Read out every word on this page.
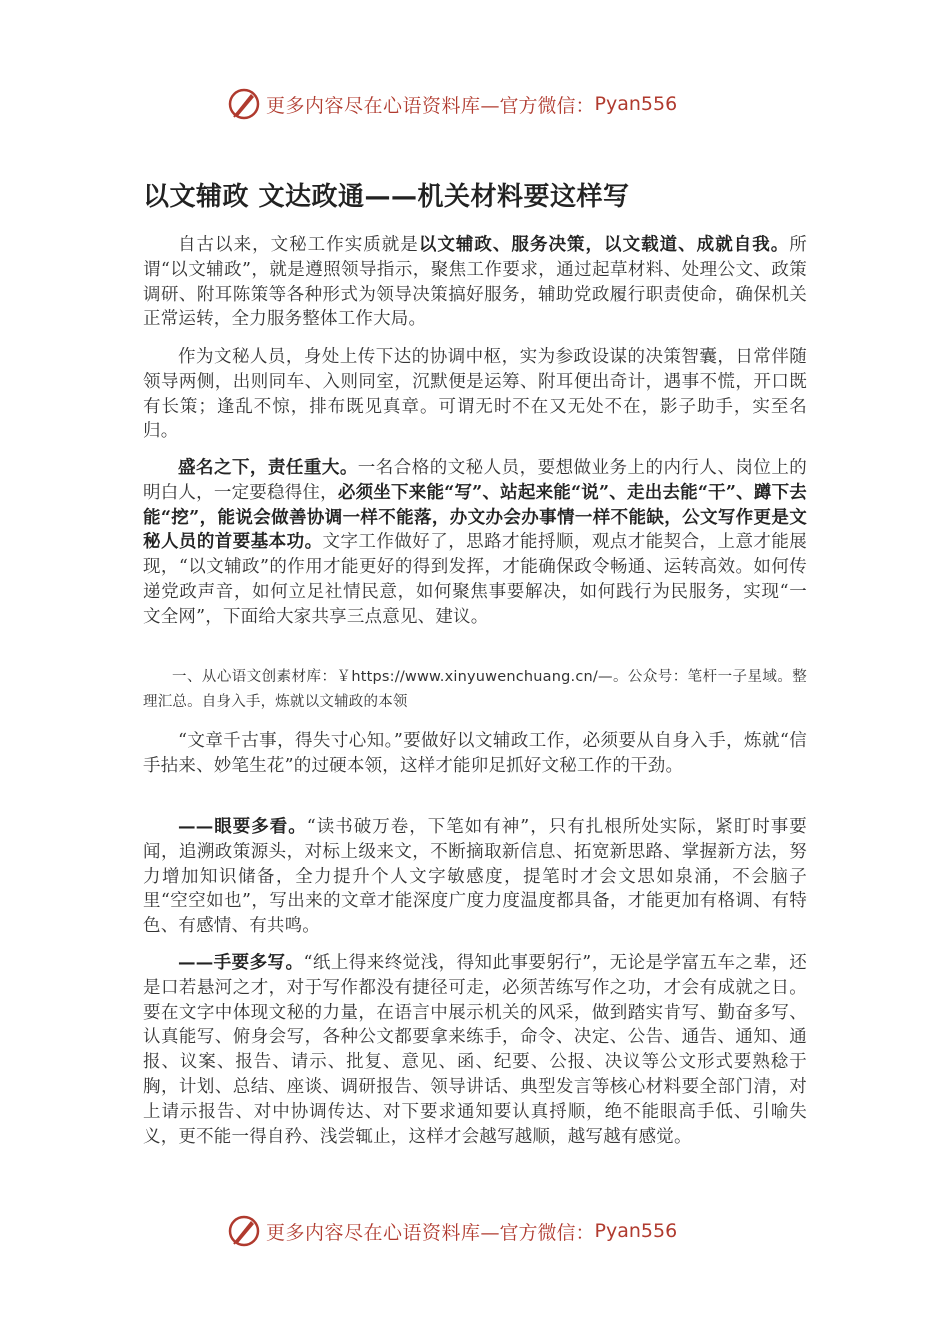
更多内容尽在心语资料库 —官方微信： Pyan556
以文辅政 文达政通——机关材料要这样写

自古以来，文秘工作实质就是以文辅政、服务决策，以文载道、成就自我。所谓“以文辅政”，就是遵照领导指示，聚焦工作要求，通过起草材料、处理公文、政策调研、附耳陈策等各种形式为领导决策搞好服务，辅助党政履行职责使命，确保机关正常运转，全力服务整体工作大局。

作为文秘人员，身处上传下达的协调中枢，实为参政设谋的决策智囊，日常伴随领导两侧，出则同车、入则同室，沉默便是运筹、附耳便出奇计，遇事不慌，开口既有长策；逢乱不惊，排布既见真章。可谓无时不在又无处不在，影子助手，实至名归。

盛名之下，责任重大。一名合格的文秘人员，要想做业务上的内行人、岗位上的明白人，一定要稳得住，必须坐下来能“写”、站起来能“说”、走出去能“干”、蹲下去能“挖”，能说会做善协调一样不能落，办文办会办事情一样不能缺，公文写作更是文秘人员的首要基本功。文字工作做好了，思路才能捋顺，观点才能契合，上意才能展现，“以文辅政”的作用才能更好的得到发挥，才能确保政令畅通、运转高效。如何传递党政声音，如何立足社情民意，如何聚焦事要解决，如何践行为民服务，实现“一文全网”，下面给大家共享三点意见、建议。

一、从心语文创素材库：￥https://www.xinyuwenchuang.cn/—。公众号：笔杆一子星域。整理汇总。自身入手，炼就以文辅政的本领

“文章千古事，得失寸心知。”要做好以文辅政工作，必须要从自身入手，炼就“信手拈来、妙笔生花”的过硬本领，这样才能卯足抓好文秘工作的干劲。

——眼要多看。“读书破万卷，下笔如有神”，只有扎根所处实际，紧盯时事要闻，追溯政策源头，对标上级来文，不断摘取新信息、拓宽新思路、掌握新方法，努力增加知识储备，全力提升个人文字敏感度，提笔时才会文思如泉涌，不会脑子里“空空如也”，写出来的文章才能深度广度力度温度都具备，才能更加有格调、有特色、有感情、有共鸣。

——手要多写。“纸上得来终觉浅，得知此事要躬行”，无论是学富五车之辈，还是口若悬河之才，对于写作都没有捷径可走，必须苦练写作之功，才会有成就之日。要在文字中体现文秘的力量，在语言中展示机关的风采，做到踏实肯写、勤奋多写、认真能写、俯身会写，各种公文都要拿来练手，命令、决定、公告、通告、通知、通报、议案、报告、请示、批复、意见、函、纪要、公报、决议等公文形式要熟稔于胸，计划、总结、座谈、调研报告、领导讲话、典型发言等核心材料要全部门清，对上请示报告、对中协调传达、对下要求通知要认真捋顺，绝不能眼高手低、引喻失义，更不能一得自矜、浅尝辄止，这样才会越写越顺，越写越有感觉。

更多内容尽在心语资料库 —官方微信： Pyan556
